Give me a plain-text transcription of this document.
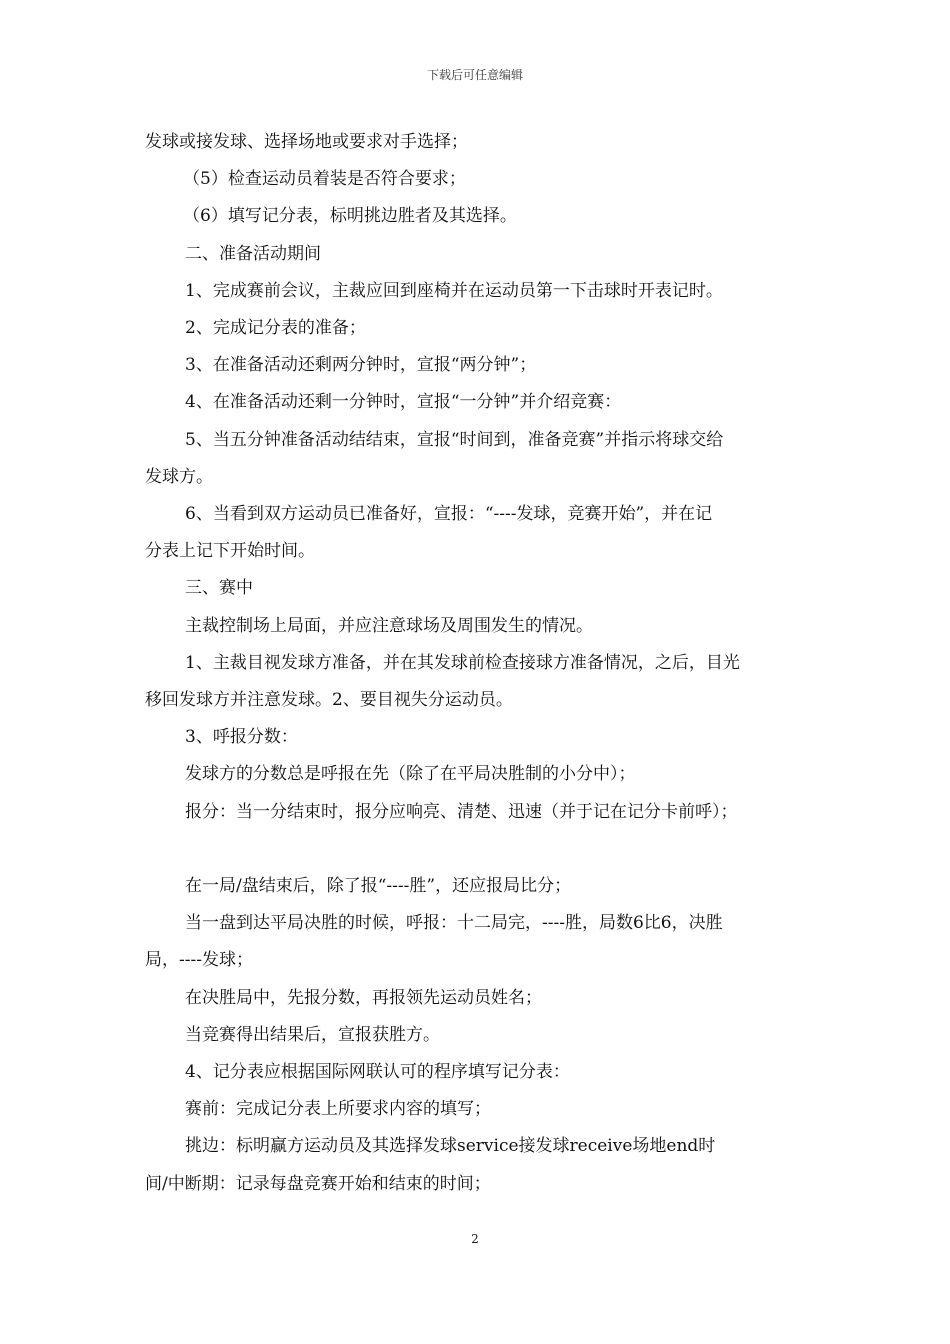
下载后可任意编辑
发球或接发球、选择场地或要求对手选择；
（5）检查运动员着装是否符合要求；
（6）填写记分表，标明挑边胜者及其选择。
二、准备活动期间
1、完成赛前会议，主裁应回到座椅并在运动员第一下击球时开表记时。
2、完成记分表的准备；
3、在准备活动还剩两分钟时，宣报“两分钟”；
4、在准备活动还剩一分钟时，宣报“一分钟”并介绍竞赛：
5、当五分钟准备活动结结束，宣报“时间到，准备竞赛”并指示将球交给
发球方。
6、当看到双方运动员已准备好，宣报：“----发球，竞赛开始”，并在记
分表上记下开始时间。
三、赛中
主裁控制场上局面，并应注意球场及周围发生的情况。
1、主裁目视发球方准备，并在其发球前检查接球方准备情况，之后，目光
移回发球方并注意发球。2、要目视失分运动员。
3、呼报分数：
发球方的分数总是呼报在先（除了在平局决胜制的小分中）；
报分：当一分结束时，报分应响亮、清楚、迅速（并于记在记分卡前呼）；
在一局/盘结束后，除了报“----胜”，还应报局比分；
当一盘到达平局决胜的时候，呼报：十二局完，----胜，局数6比6，决胜
局，----发球；
在决胜局中，先报分数，再报领先运动员姓名；
当竞赛得出结果后，宣报获胜方。
4、记分表应根据国际网联认可的程序填写记分表：
赛前：完成记分表上所要求内容的填写；
挑边：标明赢方运动员及其选择发球service接发球receive场地end时
间/中断期：记录每盘竞赛开始和结束的时间；
2
